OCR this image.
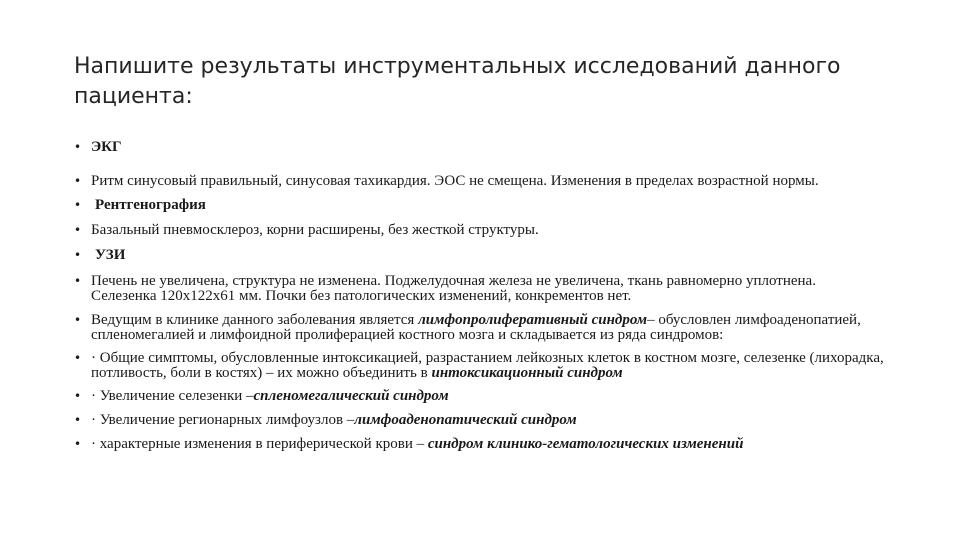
Напишите результаты инструментальных исследований данного пациента:
• ЭКГ
• Ритм синусовый правильный, синусовая тахикардия. ЭОС не смещена. Изменения в пределах возрастной нормы.
• Рентгенография
• Базальный пневмосклероз, корни расширены, без жесткой структуры.
• УЗИ
• Печень не увеличена, структура не изменена. Поджелудочная железа не увеличена, ткань равномерно уплотнена. Селезенка 120х122х61 мм. Почки без патологических изменений, конкрементов нет.
• Ведущим в клинике данного заболевания является лимфопролиферативный синдром– обусловлен лимфоаденопатией, спленомегалией и лимфоидной пролиферацией костного мозга и складывается из ряда синдромов:
• · Общие симптомы, обусловленные интоксикацией, разрастанием лейкозных клеток в костном мозге, селезенке (лихорадка, потливость, боли в костях) – их можно объединить в интоксикационный синдром
• · Увеличение селезенки –спленомегалический синдром
• · Увеличение регионарных лимфоузлов –лимфоаденопатический синдром
• · характерные изменения в периферической крови – синдром клинико-гематологических изменений
